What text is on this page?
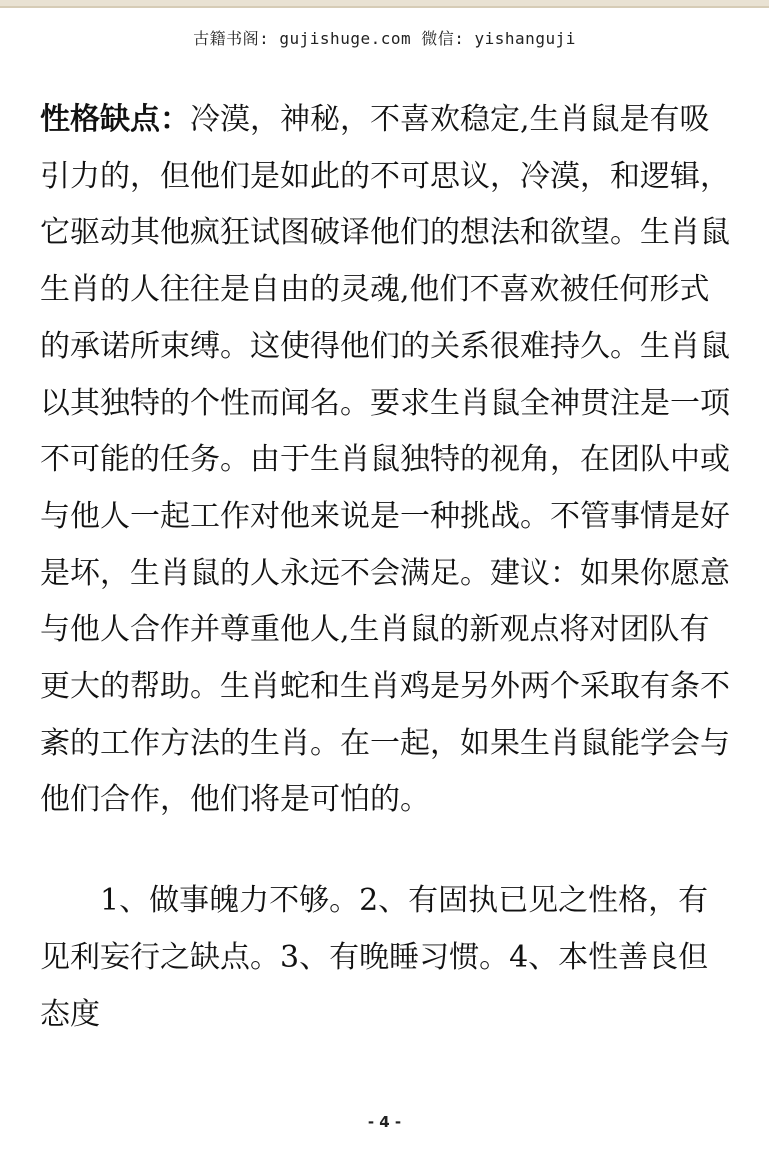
古籍书阁: gujishuge.com 微信: yishanguji

性格缺点：冷漠，神秘，不喜欢稳定,生肖鼠是有吸引力的，但他们是如此的不可思议，冷漠，和逻辑，它驱动其他疯狂试图破译他们的想法和欲望。生肖鼠生肖的人往往是自由的灵魂,他们不喜欢被任何形式的承诺所束缚。这使得他们的关系很难持久。生肖鼠以其独特的个性而闻名。要求生肖鼠全神贯注是一项不可能的任务。由于生肖鼠独特的视角，在团队中或与他人一起工作对他来说是一种挑战。不管事情是好是坏，生肖鼠的人永远不会满足。建议：如果你愿意与他人合作并尊重他人,生肖鼠的新观点将对团队有更大的帮助。生肖蛇和生肖鸡是另外两个采取有条不紊的工作方法的生肖。在一起，如果生肖鼠能学会与他们合作，他们将是可怕的。

1、做事魄力不够。2、有固执已见之性格，有见利妄行之缺点。3、有晚睡习惯。4、本性善良但态度

- 4 -
